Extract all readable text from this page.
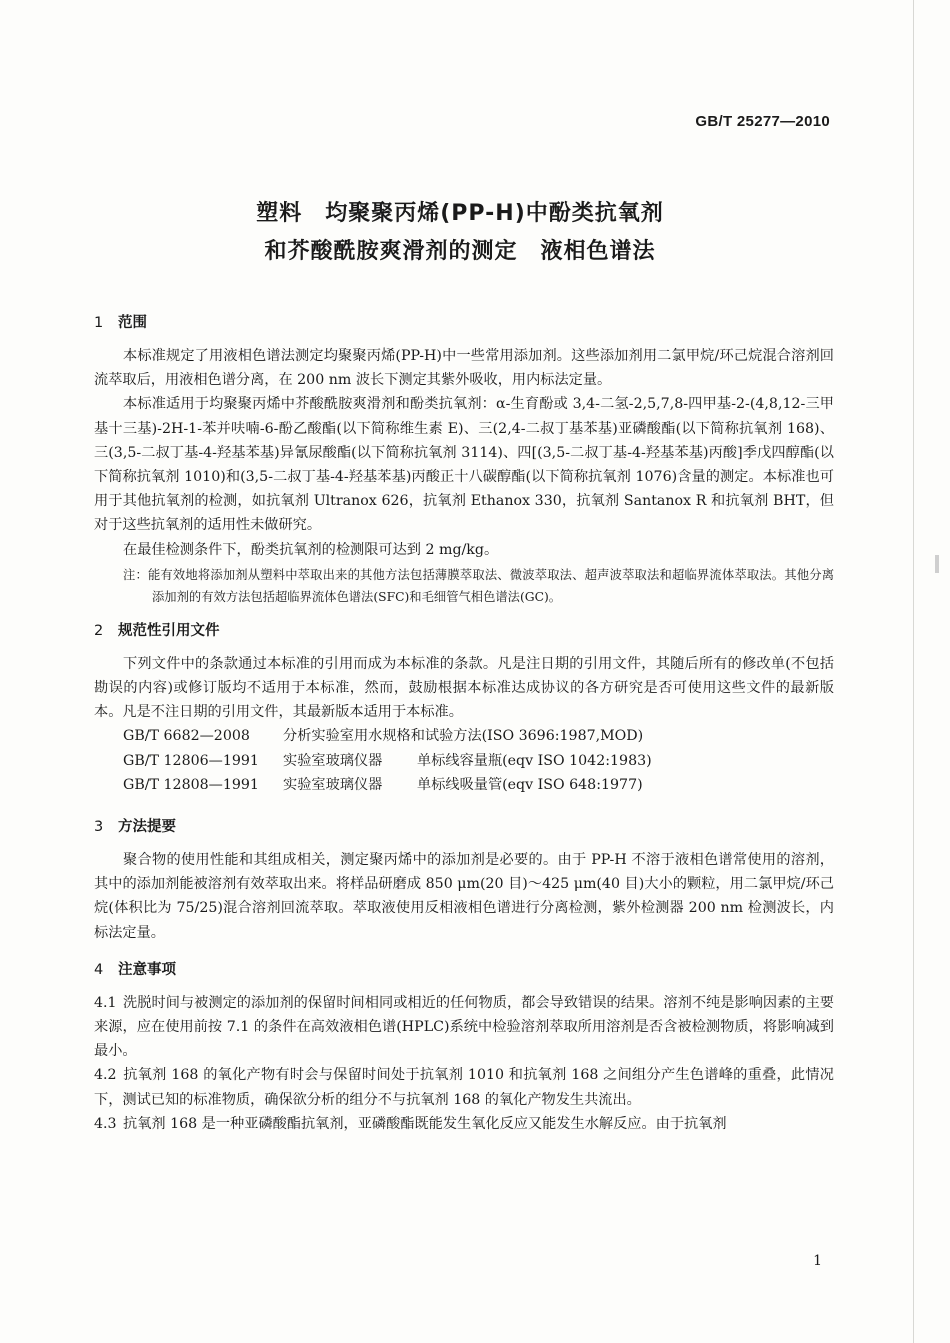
GB/T 25277—2010
塑料　均聚聚丙烯(PP-H)中酚类抗氧剂
和芥酸酰胺爽滑剂的测定　液相色谱法
1 范围

本标准规定了用液相色谱法测定均聚聚丙烯(PP-H)中一些常用添加剂。这些添加剂用二氯甲烷/环己烷混合溶剂回流萃取后，用液相色谱分离，在 200 nm 波长下测定其紫外吸收，用内标法定量。

本标准适用于均聚聚丙烯中芥酸酰胺爽滑剂和酚类抗氧剂：α-生育酚或 3,4-二氢-2,5,7,8-四甲基-2-(4,8,12-三甲基十三基)-2H-1-苯并呋喃-6-酚乙酸酯(以下简称维生素 E)、三(2,4-二叔丁基苯基)亚磷酸酯(以下简称抗氧剂 168)、三(3,5-二叔丁基-4-羟基苯基)异氰尿酸酯(以下简称抗氧剂 3114)、四[(3,5-二叔丁基-4-羟基苯基)丙酸]季戊四醇酯(以下简称抗氧剂 1010)和(3,5-二叔丁基-4-羟基苯基)丙酸正十八碳醇酯(以下简称抗氧剂 1076)含量的测定。本标准也可用于其他抗氧剂的检测，如抗氧剂 Ultranox 626，抗氧剂 Ethanox 330，抗氧剂 Santanox R 和抗氧剂 BHT，但对于这些抗氧剂的适用性未做研究。

在最佳检测条件下，酚类抗氧剂的检测限可达到 2 mg/kg。

注：能有效地将添加剂从塑料中萃取出来的其他方法包括薄膜萃取法、微波萃取法、超声波萃取法和超临界流体萃取法。其他分离添加剂的有效方法包括超临界流体色谱法(SFC)和毛细管气相色谱法(GC)。
2 规范性引用文件

下列文件中的条款通过本标准的引用而成为本标准的条款。凡是注日期的引用文件，其随后所有的修改单(不包括勘误的内容)或修订版均不适用于本标准，然而，鼓励根据本标准达成协议的各方研究是否可使用这些文件的最新版本。凡是不注日期的引用文件，其最新版本适用于本标准。

GB/T 6682—2008 分析实验室用水规格和试验方法(ISO 3696:1987,MOD)
GB/T 12806—1991 实验室玻璃仪器 单标线容量瓶(eqv ISO 1042:1983)
GB/T 12808—1991 实验室玻璃仪器 单标线吸量管(eqv ISO 648:1977)
3 方法提要

聚合物的使用性能和其组成相关，测定聚丙烯中的添加剂是必要的。由于 PP-H 不溶于液相色谱常使用的溶剂，其中的添加剂能被溶剂有效萃取出来。将样品研磨成 850 μm(20 目)～425 μm(40 目)大小的颗粒，用二氯甲烷/环己烷(体积比为 75/25)混合溶剂回流萃取。萃取液使用反相液相色谱进行分离检测，紫外检测器 200 nm 检测波长，内标法定量。

4 注意事项
4.1 洗脱时间与被测定的添加剂的保留时间相同或相近的任何物质，都会导致错误的结果。溶剂不纯是影响因素的主要来源，应在使用前按 7.1 的条件在高效液相色谱(HPLC)系统中检验溶剂萃取所用溶剂是否含被检测物质，将影响减到最小。
4.2 抗氧剂 168 的氧化产物有时会与保留时间处于抗氧剂 1010 和抗氧剂 168 之间组分产生色谱峰的重叠，此情况下，测试已知的标准物质，确保欲分析的组分不与抗氧剂 168 的氧化产物发生共流出。
4.3 抗氧剂 168 是一种亚磷酸酯抗氧剂，亚磷酸酯既能发生氧化反应又能发生水解反应。由于抗氧剂
1
